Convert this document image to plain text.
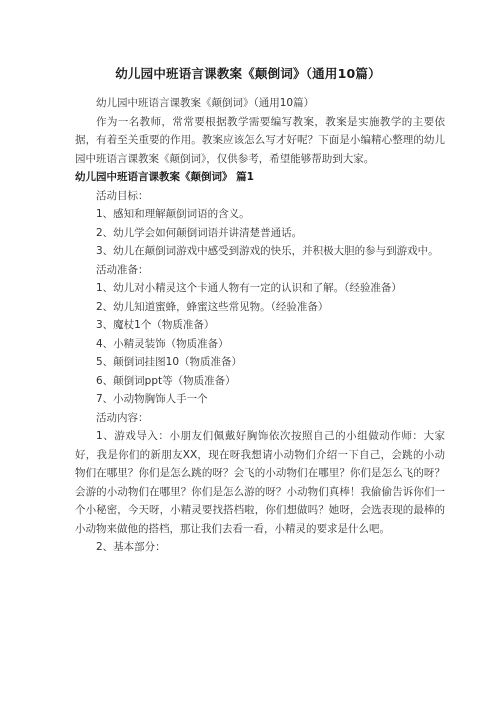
幼儿园中班语言课教案《颠倒词》（通用10篇）

幼儿园中班语言课教案《颠倒词》（通用10篇）

作为一名教师，常常要根据教学需要编写教案，教案是实施教学的主要依据，有着至关重要的作用。教案应该怎么写才好呢？下面是小编精心整理的幼儿园中班语言课教案《颠倒词》，仅供参考，希望能够帮助到大家。

幼儿园中班语言课教案《颠倒词》 篇1

活动目标：

1、感知和理解颠倒词语的含义。

2、幼儿学会如何颠倒词语并讲清楚普通话。

3、幼儿在颠倒词游戏中感受到游戏的快乐，并积极大胆的参与到游戏中。

活动准备：

1、幼儿对小精灵这个卡通人物有一定的认识和了解。（经验准备）

2、幼儿知道蜜蜂，蜂蜜这些常见物。（经验准备）

3、魔杖1个（物质准备）

4、小精灵装饰（物质准备）

5、颠倒词挂图10（物质准备）

6、颠倒词ppt等（物质准备）

7、小动物胸饰人手一个

活动内容：

1、游戏导入：小朋友们佩戴好胸饰依次按照自己的小组做动作师：大家好，我是你们的新朋友XX，现在呀我想请小动物们介绍一下自己，会跳的小动物们在哪里？你们是怎么跳的呀？会飞的小动物们在哪里？你们是怎么飞的呀？会游的小动物们在哪里？你们是怎么游的呀？小动物们真棒！我偷偷告诉你们一个小秘密，今天呀，小精灵要找搭档啦，你们想做吗？她呀，会选表现的最棒的小动物来做他的搭档，那让我们去看一看，小精灵的要求是什么吧。

2、基本部分：
